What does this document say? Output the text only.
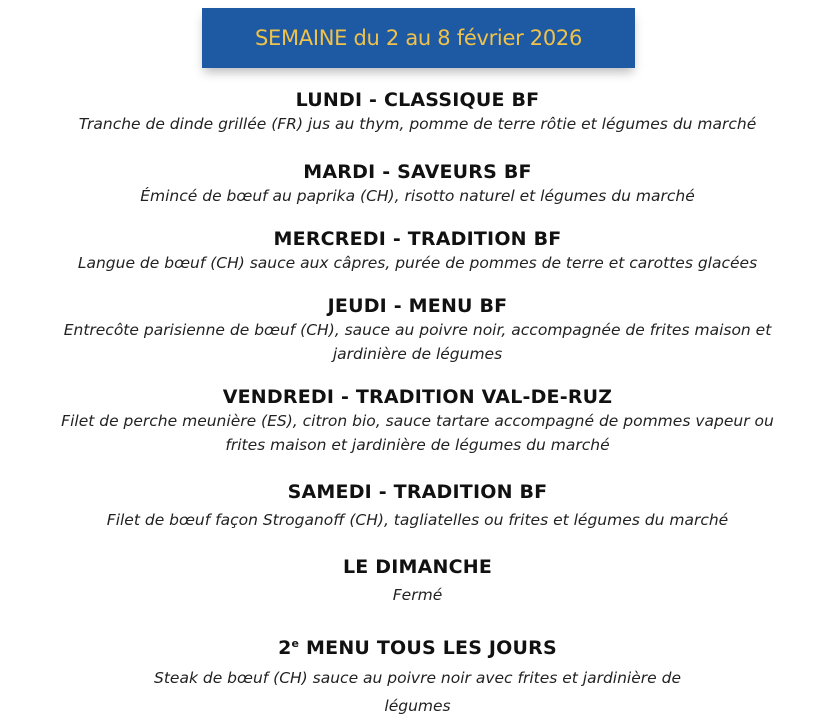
SEMAINE du 2 au 8 février 2026
LUNDI - CLASSIQUE BF
Tranche de dinde grillée (FR) jus au thym, pomme de terre rôtie et légumes du marché
MARDI - SAVEURS BF
Émincé de bœuf au paprika (CH), risotto naturel et légumes du marché
MERCREDI - TRADITION BF
Langue de bœuf (CH) sauce aux câpres, purée de pommes de terre et carottes glacées
JEUDI - MENU BF
Entrecôte parisienne de bœuf (CH), sauce au poivre noir, accompagnée de frites maison et jardinière de légumes
VENDREDI - TRADITION VAL-DE-RUZ
Filet de perche meunière (ES), citron bio, sauce tartare accompagné de pommes vapeur ou frites maison et jardinière de légumes du marché
SAMEDI - TRADITION BF
Filet de bœuf façon Stroganoff (CH), tagliatelles ou frites et légumes du marché
LE DIMANCHE
Fermé
2e MENU TOUS LES JOURS
Steak de bœuf (CH) sauce au poivre noir avec frites et jardinière de légumes
